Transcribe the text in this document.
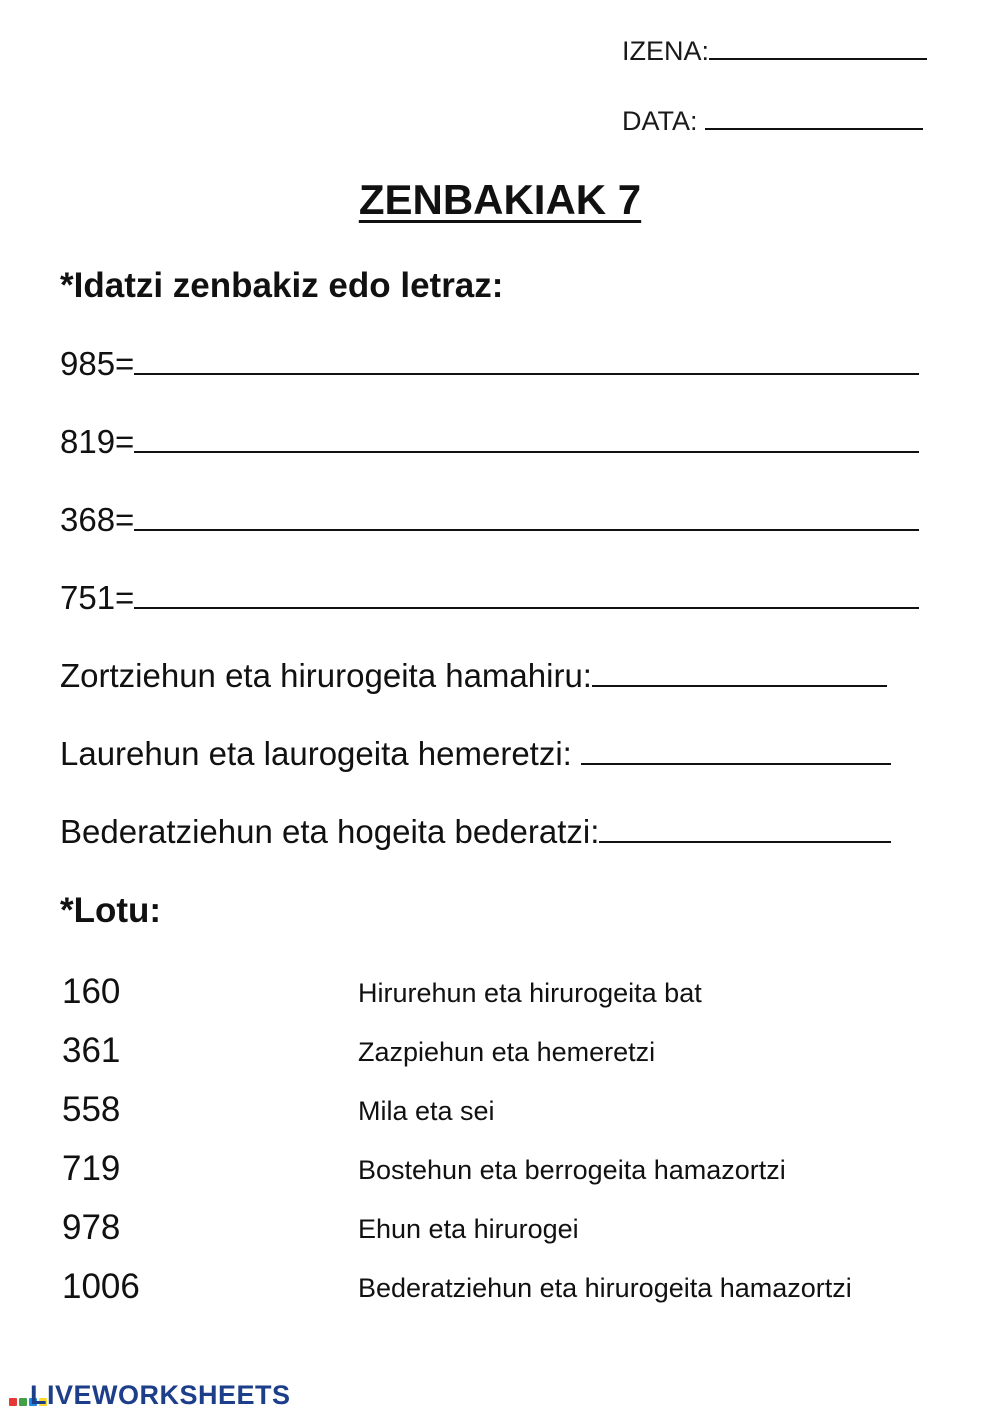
IZENA:
DATA:
ZENBAKIAK 7
*Idatzi zenbakiz edo letraz:
985=
819=
368=
751=
Zortziehun eta hirurogeita hamahiru:
Laurehun eta laurogeita hemeretzi:
Bederatziehun eta hogeita bederatzi:
*Lotu:
160
361
558
719
978
1006
Hirurehun eta hirurogeita bat
Zazpiehun eta hemeretzi
Mila eta sei
Bostehun eta berrogeita hamazortzi
Ehun eta hirurogei
Bederatziehun eta hirurogeita hamazortzi
LIVEWORKSHEETS
